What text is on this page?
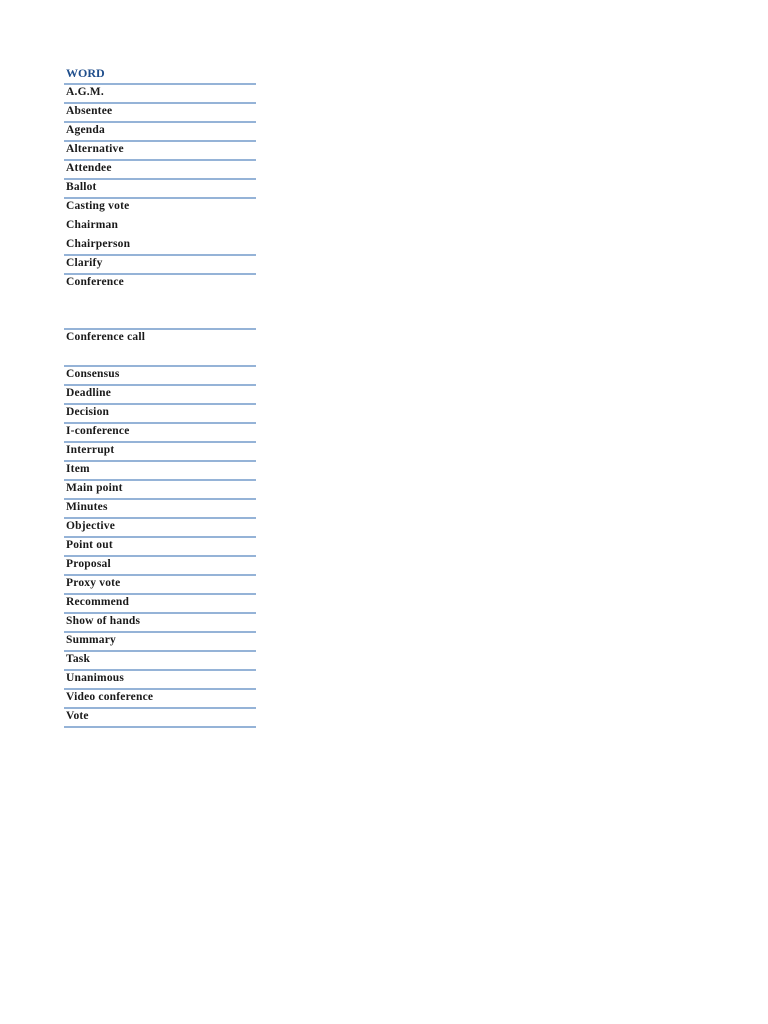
WORD
A.G.M.
Absentee
Agenda
Alternative
Attendee
Ballot
Casting vote
Chairman
Chairperson
Clarify
Conference
Conference call
Consensus
Deadline
Decision
I-conference
Interrupt
Item
Main point
Minutes
Objective
Point out
Proposal
Proxy vote
Recommend
Show of hands
Summary
Task
Unanimous
Video conference
Vote
